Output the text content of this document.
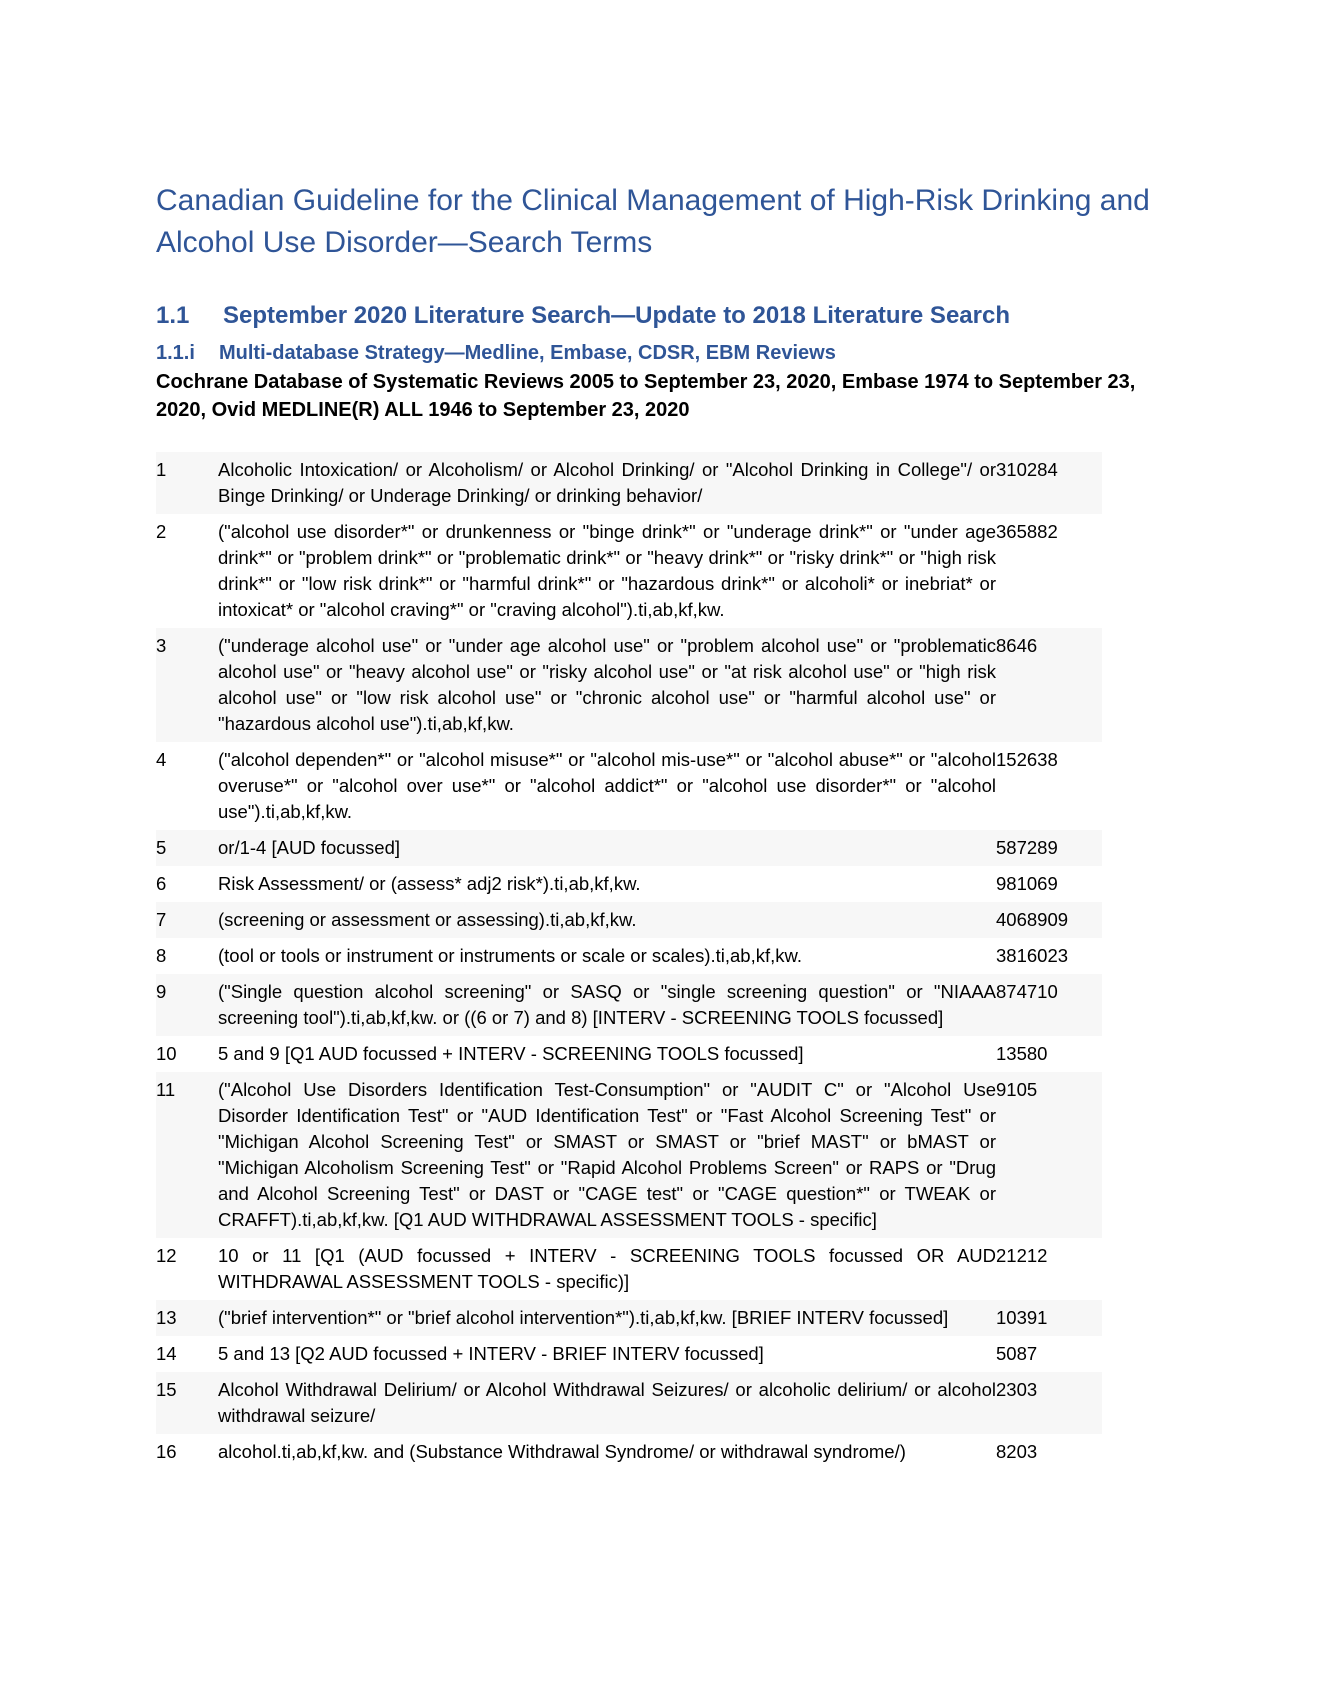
Canadian Guideline for the Clinical Management of High-Risk Drinking and Alcohol Use Disorder—Search Terms
1.1 September 2020 Literature Search—Update to 2018 Literature Search
1.1.i Multi-database Strategy—Medline, Embase, CDSR, EBM Reviews

Cochrane Database of Systematic Reviews 2005 to September 23, 2020, Embase 1974 to September 23, 2020, Ovid MEDLINE(R) ALL 1946 to September 23, 2020

1	Alcoholic Intoxication/ or Alcoholism/ or Alcohol Drinking/ or "Alcohol Drinking in College"/ or Binge Drinking/ or Underage Drinking/ or drinking behavior/	310284
2	("alcohol use disorder*" or drunkenness or "binge drink*" or "underage drink*" or "under age drink*" or "problem drink*" or "problematic drink*" or "heavy drink*" or "risky drink*" or "high risk drink*" or "low risk drink*" or "harmful drink*" or "hazardous drink*" or alcoholi* or inebriat* or intoxicat* or "alcohol craving*" or "craving alcohol").ti,ab,kf,kw.	365882
3	("underage alcohol use" or "under age alcohol use" or "problem alcohol use" or "problematic alcohol use" or "heavy alcohol use" or "risky alcohol use" or "at risk alcohol use" or "high risk alcohol use" or "low risk alcohol use" or "chronic alcohol use" or "harmful alcohol use" or "hazardous alcohol use").ti,ab,kf,kw.	8646
4	("alcohol dependen*" or "alcohol misuse*" or "alcohol mis-use*" or "alcohol abuse*" or "alcohol overuse*" or "alcohol over use*" or "alcohol addict*" or "alcohol use disorder*" or "alcohol use").ti,ab,kf,kw.	152638
5	or/1-4 [AUD focussed]	587289
6	Risk Assessment/ or (assess* adj2 risk*).ti,ab,kf,kw.	981069
7	(screening or assessment or assessing).ti,ab,kf,kw.	4068909
8	(tool or tools or instrument or instruments or scale or scales).ti,ab,kf,kw.	3816023
9	("Single question alcohol screening" or SASQ or "single screening question" or "NIAAA screening tool").ti,ab,kf,kw. or ((6 or 7) and 8) [INTERV - SCREENING TOOLS focussed]	874710
10	5 and 9 [Q1 AUD focussed + INTERV - SCREENING TOOLS focussed]	13580
11	("Alcohol Use Disorders Identification Test-Consumption" or "AUDIT C" or "Alcohol Use Disorder Identification Test" or "AUD Identification Test" or "Fast Alcohol Screening Test" or "Michigan Alcohol Screening Test" or SMAST or SMAST or "brief MAST" or bMAST or "Michigan Alcoholism Screening Test" or "Rapid Alcohol Problems Screen" or RAPS or "Drug and Alcohol Screening Test" or DAST or "CAGE test" or "CAGE question*" or TWEAK or CRAFFT).ti,ab,kf,kw. [Q1 AUD WITHDRAWAL ASSESSMENT TOOLS - specific]	9105
12	10 or 11 [Q1 (AUD focussed + INTERV - SCREENING TOOLS focussed OR AUD WITHDRAWAL ASSESSMENT TOOLS - specific)]	21212
13	("brief intervention*" or "brief alcohol intervention*").ti,ab,kf,kw. [BRIEF INTERV focussed]	10391
14	5 and 13 [Q2 AUD focussed + INTERV - BRIEF INTERV focussed]	5087
15	Alcohol Withdrawal Delirium/ or Alcohol Withdrawal Seizures/ or alcoholic delirium/ or alcohol withdrawal seizure/	2303
16	alcohol.ti,ab,kf,kw. and (Substance Withdrawal Syndrome/ or withdrawal syndrome/)	8203
